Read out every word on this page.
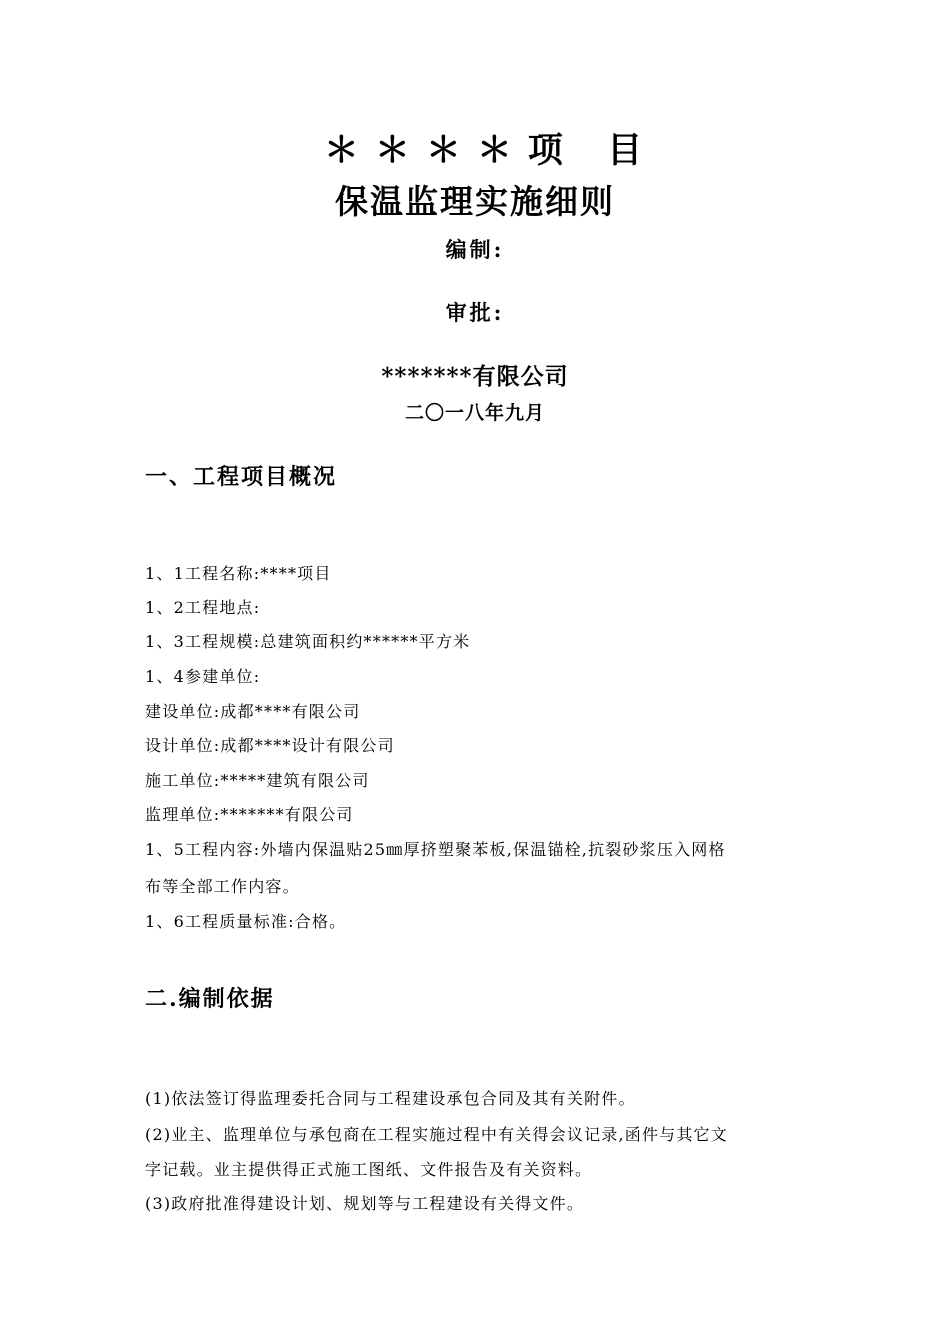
＊＊＊＊项 目
保温监理实施细则
编制:
审批:
*******有限公司
二〇一八年九月
一、工程项目概况
1、1工程名称:****项目
1、2工程地点:
1、3工程规模:总建筑面积约******平方米
1、4参建单位:
建设单位:成都****有限公司
设计单位:成都****设计有限公司
施工单位:*****建筑有限公司
监理单位:*******有限公司
1、5工程内容:外墙内保温贴25㎜厚挤塑聚苯板,保温锚栓,抗裂砂浆压入网格
布等全部工作内容。
1、6工程质量标准:合格。
二.编制依据
(1)依法签订得监理委托合同与工程建设承包合同及其有关附件。
(2)业主、监理单位与承包商在工程实施过程中有关得会议记录,函件与其它文
字记载。业主提供得正式施工图纸、文件报告及有关资料。
(3)政府批准得建设计划、规划等与工程建设有关得文件。
